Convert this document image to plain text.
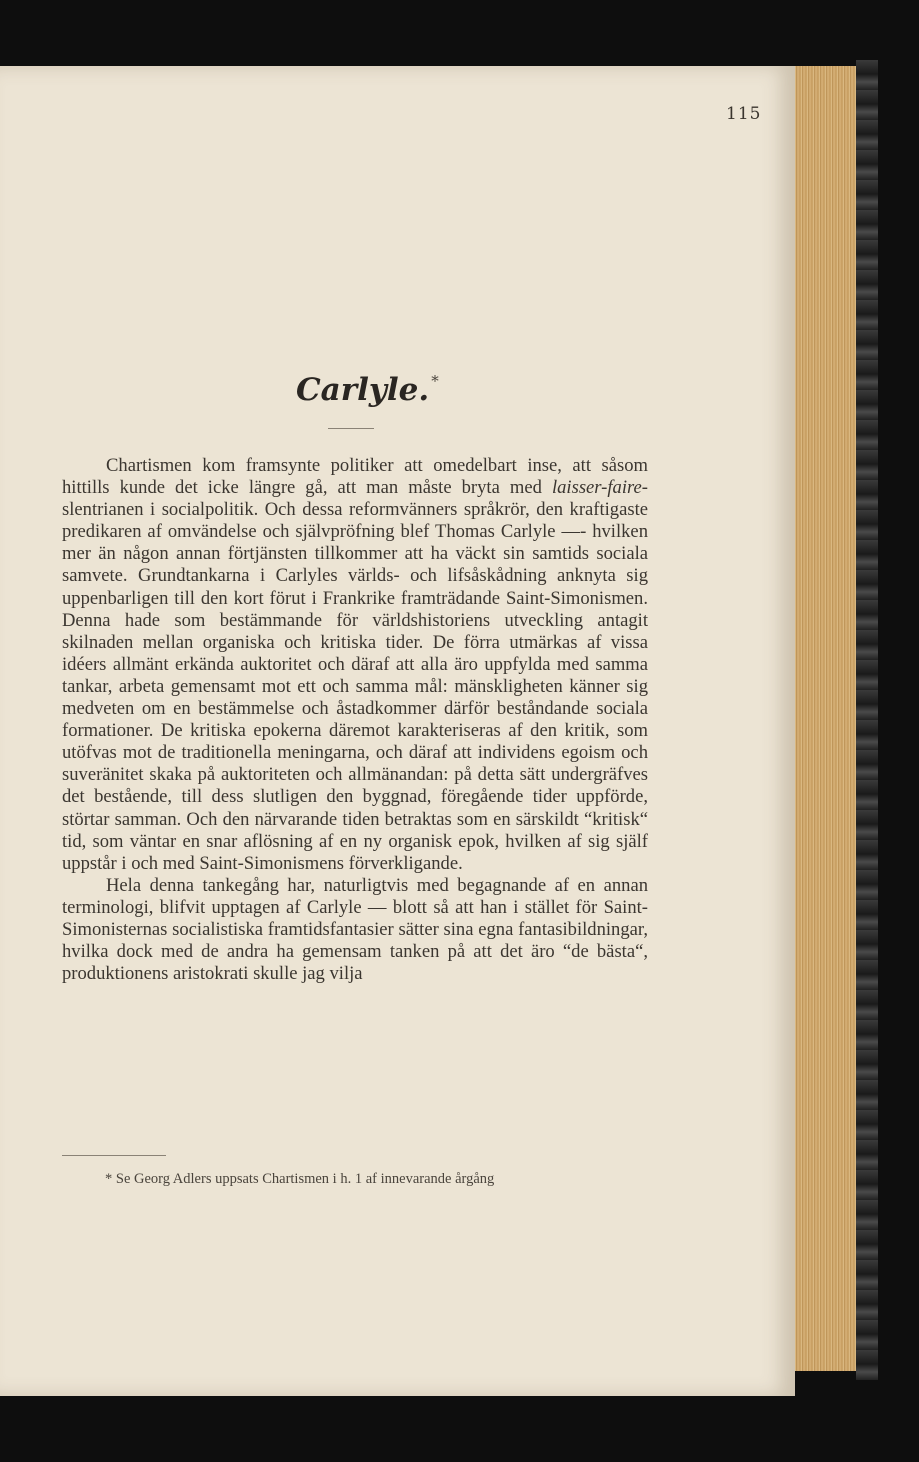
115
Carlyle. *

Chartismen kom framsynte politiker att omedelbart inse, att såsom hittills kunde det icke längre gå, att man måste bryta med laisser-faire-slentrianen i socialpolitik. Och dessa reformvänners språkrör, den kraftigaste predikaren af omvändelse och självpröfning blef Thomas Carlyle —- hvilken mer än någon annan förtjänsten tillkommer att ha väckt sin samtids sociala samvete. Grundtankarna i Carlyles världs- och lifsåskådning anknyta sig uppenbarligen till den kort förut i Frankrike framträdande Saint-Simonismen. Denna hade som bestämmande för världshistoriens utveckling antagit skilnaden mellan organiska och kritiska tider. De förra utmärkas af vissa idéers allmänt erkända auktoritet och däraf att alla äro uppfylda med samma tankar, arbeta gemensamt mot ett och samma mål: mänskligheten känner sig medveten om en bestämmelse och åstadkommer därför beståndande sociala formationer. De kritiska epokerna däremot karakteriseras af den kritik, som utöfvas mot de traditionella meningarna, och däraf att individens egoism och suveränitet skaka på auktoriteten och allmänandan: på detta sätt undergräfves det bestående, till dess slutligen den byggnad, föregående tider uppförde, störtar samman. Och den närvarande tiden betraktas som en särskildt “kritisk“ tid, som väntar en snar aflösning af en ny organisk epok, hvilken af sig själf uppstår i och med Saint-Simonismens förverkligande.

Hela denna tankegång har, naturligtvis med begagnande af en annan terminologi, blifvit upptagen af Carlyle — blott så att han i stället för Saint-Simonisternas socialistiska framtidsfantasier sätter sina egna fantasibildningar, hvilka dock med de andra ha gemensam tanken på att det äro “de bästa“, produktionens aristokrati skulle jag vilja

* Se Georg Adlers uppsats Chartismen i h. 1 af innevarande årgång
